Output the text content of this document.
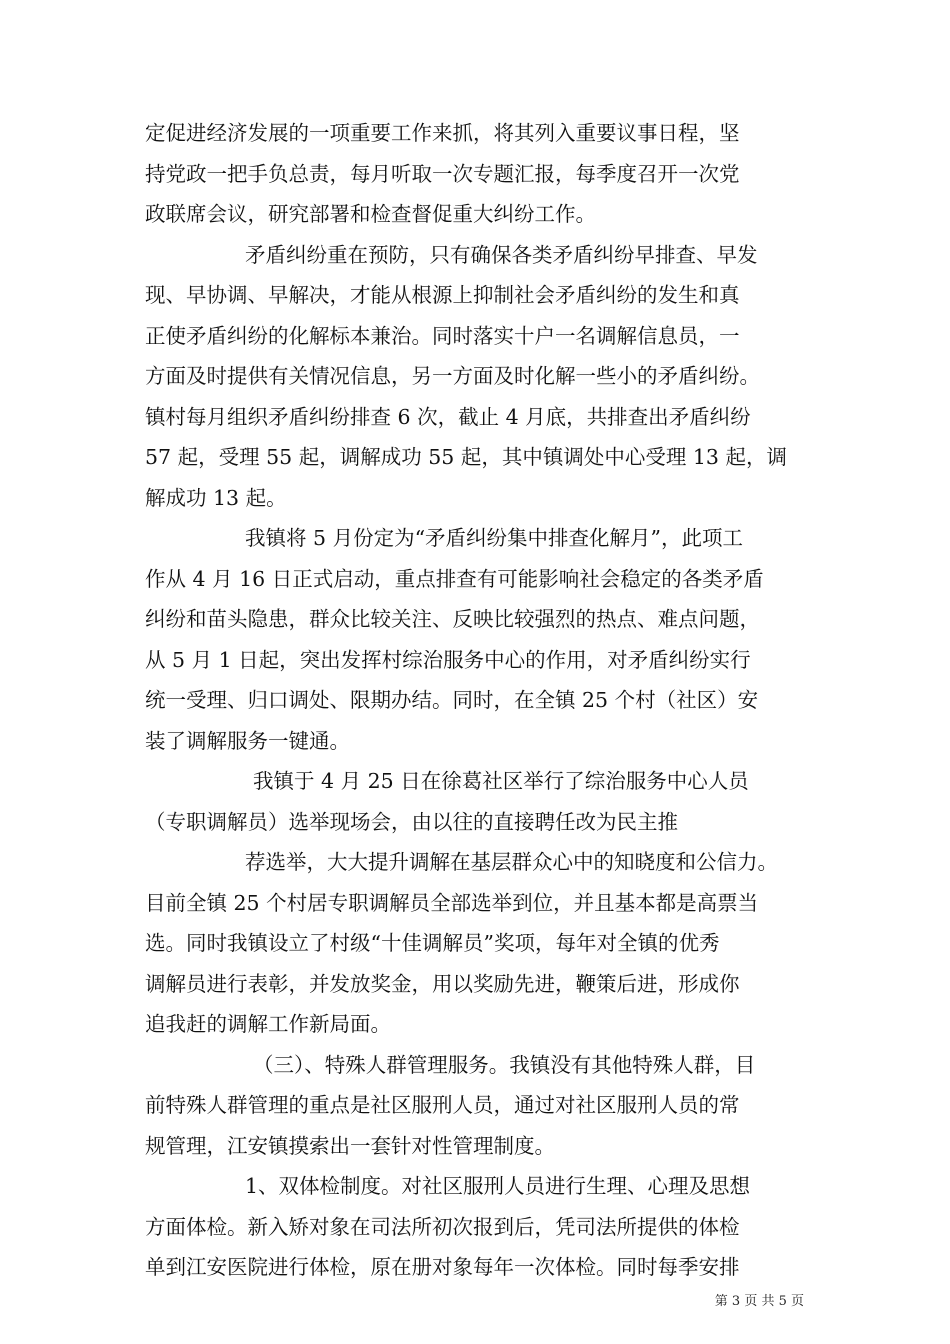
定促进经济发展的一项重要工作来抓，将其列入重要议事日程，坚
持党政一把手负总责，每月听取一次专题汇报，每季度召开一次党
政联席会议，研究部署和检查督促重大纠纷工作。
矛盾纠纷重在预防，只有确保各类矛盾纠纷早排查、早发
现、早协调、早解决，才能从根源上抑制社会矛盾纠纷的发生和真
正使矛盾纠纷的化解标本兼治。同时落实十户一名调解信息员，一
方面及时提供有关情况信息，另一方面及时化解一些小的矛盾纠纷。
镇村每月组织矛盾纠纷排查 6 次，截止 4 月底，共排查出矛盾纠纷
57 起，受理 55 起，调解成功 55 起，其中镇调处中心受理 13 起，调
解成功 13 起。
我镇将 5 月份定为“矛盾纠纷集中排查化解月”，此项工
作从 4 月 16 日正式启动，重点排查有可能影响社会稳定的各类矛盾
纠纷和苗头隐患，群众比较关注、反映比较强烈的热点、难点问题，
从 5 月 1 日起，突出发挥村综治服务中心的作用，对矛盾纠纷实行
统一受理、归口调处、限期办结。同时，在全镇 25 个村（社区）安
装了调解服务一键通。
我镇于 4 月 25 日在徐葛社区举行了综治服务中心人员
（专职调解员）选举现场会，由以往的直接聘任改为民主推
荐选举，大大提升调解在基层群众心中的知晓度和公信力。
目前全镇 25 个村居专职调解员全部选举到位，并且基本都是高票当
选。同时我镇设立了村级“十佳调解员”奖项，每年对全镇的优秀
调解员进行表彰，并发放奖金，用以奖励先进，鞭策后进，形成你
追我赶的调解工作新局面。
（三）、特殊人群管理服务。我镇没有其他特殊人群，目
前特殊人群管理的重点是社区服刑人员，通过对社区服刑人员的常
规管理，江安镇摸索出一套针对性管理制度。
1、双体检制度。对社区服刑人员进行生理、心理及思想
方面体检。新入矫对象在司法所初次报到后，凭司法所提供的体检
单到江安医院进行体检，原在册对象每年一次体检。同时每季安排
第 3 页 共 5 页
